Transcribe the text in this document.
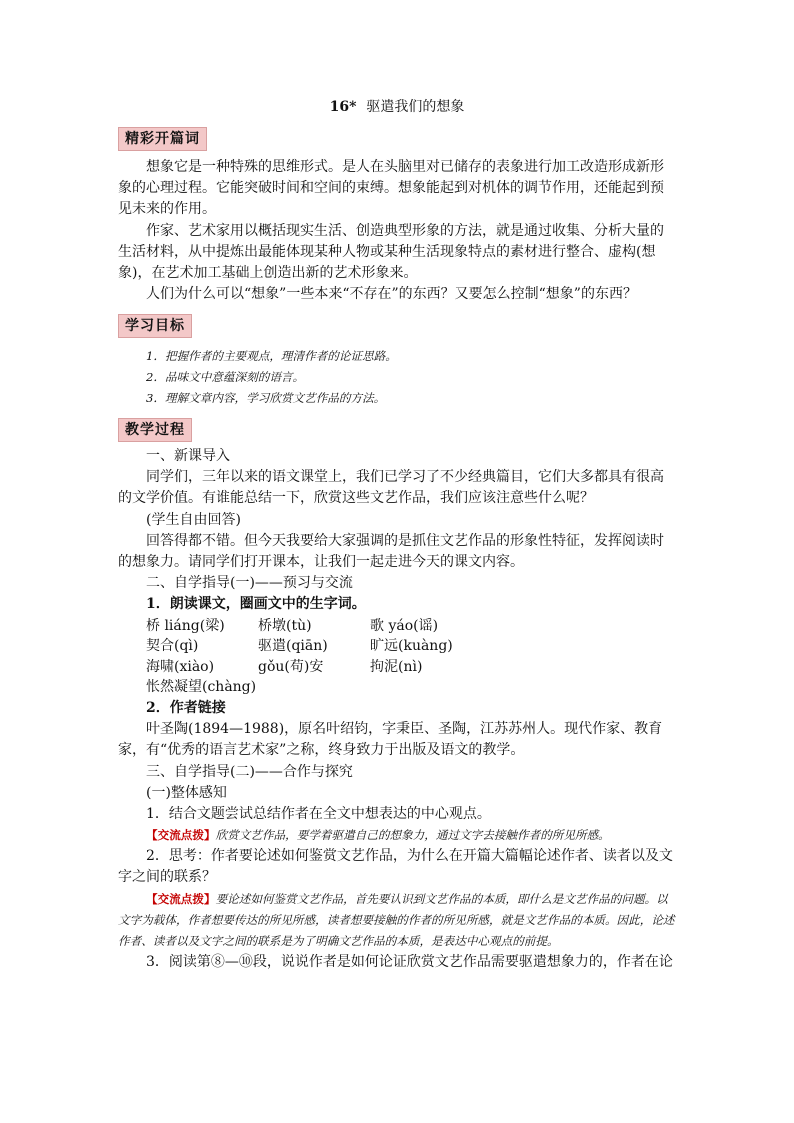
16* 驱遣我们的想象
精彩开篇词

想象它是一种特殊的思维形式。是人在头脑里对已储存的表象进行加工改造形成新形象的心理过程。它能突破时间和空间的束缚。想象能起到对机体的调节作用，还能起到预见未来的作用。

作家、艺术家用以概括现实生活、创造典型形象的方法，就是通过收集、分析大量的生活材料，从中提炼出最能体现某种人物或某种生活现象特点的素材进行整合、虚构(想象)，在艺术加工基础上创造出新的艺术形象来。

人们为什么可以“想象”一些本来“不存在”的东西？又要怎么控制“想象”的东西？

学习目标

1．把握作者的主要观点，理清作者的论证思路。

2．品味文中意蕴深刻的语言。

3．理解文章内容，学习欣赏文艺作品的方法。

教学过程

一、新课导入

同学们，三年以来的语文课堂上，我们已学习了不少经典篇目，它们大多都具有很高的文学价值。有谁能总结一下，欣赏这些文艺作品，我们应该注意些什么呢？

(学生自由回答)

回答得都不错。但今天我要给大家强调的是抓住文艺作品的形象性特征，发挥阅读时的想象力。请同学们打开课本，让我们一起走进今天的课文内容。

二、自学指导(一)——预习与交流

1．朗读课文，圈画文中的生字词。

桥 liáng(梁)	桥墩(tù)	歌 yáo(谣)
契合(qì)	驱遣(qiān)	旷远(kuàng)
海啸(xiào)	gǒu(苟)安	拘泥(nì)
怅然凝望(chàng)

2．作者链接

叶圣陶(1894—1988)，原名叶绍钧，字秉臣、圣陶，江苏苏州人。现代作家、教育家，有“优秀的语言艺术家”之称，终身致力于出版及语文的教学。

三、自学指导(二)——合作与探究

(一)整体感知

1．结合文题尝试总结作者在全文中想表达的中心观点。

【交流点拨】欣赏文艺作品，要学着驱遣自己的想象力，通过文字去接触作者的所见所感。

2．思考：作者要论述如何鉴赏文艺作品，为什么在开篇大篇幅论述作者、读者以及文字之间的联系？

【交流点拨】要论述如何鉴赏文艺作品，首先要认识到文艺作品的本质，即什么是文艺作品的问题。以文字为载体，作者想要传达的所见所感，读者想要接触的作者的所见所感，就是文艺作品的本质。因此，论述作者、读者以及文字之间的联系是为了明确文艺作品的本质，是表达中心观点的前提。

3．阅读第⑧—⑩段，说说作者是如何论证欣赏文艺作品需要驱遣想象力的，作者在论
